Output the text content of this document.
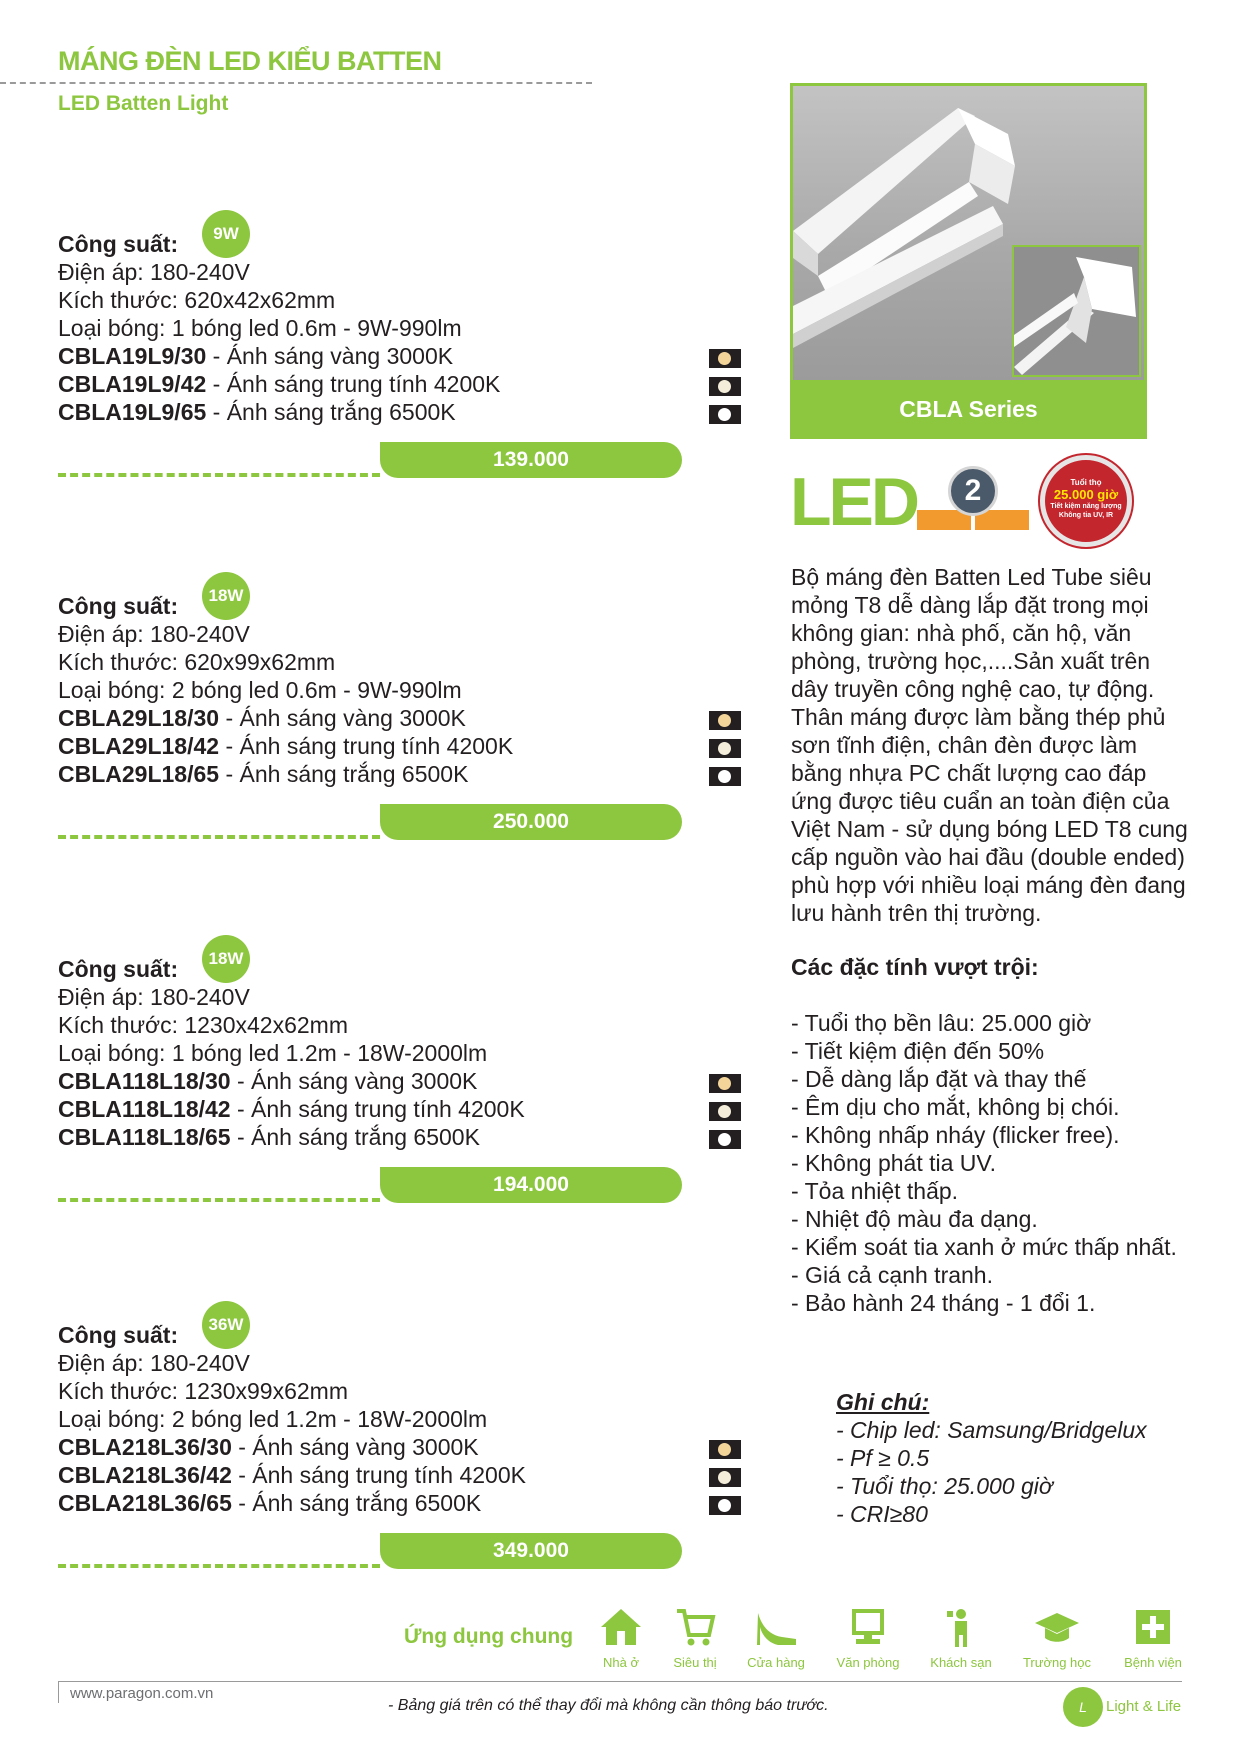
MÁNG ĐÈN LED KIỂU BATTEN
LED Batten Light
Công suất:	9W
Điện áp: 180-240V
Kích thước: 620x42x62mm
Loại bóng: 1 bóng led 0.6m - 9W-990lm
CBLA19L9/30 - Ánh sáng vàng 3000K
CBLA19L9/42 - Ánh sáng trung tính 4200K
CBLA19L9/65 - Ánh sáng trắng 6500K
139.000
Công suất:	18W
Điện áp: 180-240V
Kích thước: 620x99x62mm
Loại bóng: 2 bóng led 0.6m - 9W-990lm
CBLA29L18/30 - Ánh sáng vàng 3000K
CBLA29L18/42 - Ánh sáng trung tính 4200K
CBLA29L18/65 - Ánh sáng trắng 6500K
250.000
Công suất:	18W
Điện áp: 180-240V
Kích thước: 1230x42x62mm
Loại bóng: 1 bóng led 1.2m - 18W-2000lm
CBLA118L18/30 - Ánh sáng vàng 3000K
CBLA118L18/42 - Ánh sáng trung tính 4200K
CBLA118L18/65 - Ánh sáng trắng 6500K
194.000
Công suất:	36W
Điện áp: 180-240V
Kích thước: 1230x99x62mm
Loại bóng: 2 bóng led 1.2m - 18W-2000lm
CBLA218L36/30 - Ánh sáng vàng 3000K
CBLA218L36/42 - Ánh sáng trung tính 4200K
CBLA218L36/65 - Ánh sáng trắng 6500K
349.000
CBLA Series
LED	2	Tuổi thọ
25.000 giờ
Tiết kiệm năng lượng
Không tia UV, IR

Bộ máng đèn Batten Led Tube siêu

mỏng T8 dễ dàng lắp đặt trong mọi

không gian: nhà phố, căn hộ, văn

phòng, trường học,....Sản xuất trên

dây truyền công nghệ cao, tự động.

Thân máng được làm bằng thép phủ

sơn tĩnh điện, chân đèn được làm

bằng nhựa PC chất lượng cao đáp

ứng được tiêu cuẩn an toàn điện của

Việt Nam - sử dụng bóng LED T8 cung

cấp nguồn vào hai đầu (double ended)

phù hợp với nhiều loại máng đèn đang

lưu hành trên thị trường.

Các đặc tính vượt trội:
- Tuổi thọ bền lâu: 25.000 giờ
- Tiết kiệm điện đến 50%
- Dễ dàng lắp đặt và thay thế
- Êm dịu cho mắt, không bị chói.
- Không nhấp nháy (flicker free).
- Không phát tia UV.
- Tỏa nhiệt thấp.
- Nhiệt độ màu đa dạng.
- Kiểm soát tia xanh ở mức thấp nhất.
- Giá cả cạnh tranh.
- Bảo hành 24 tháng - 1 đổi 1.
Ghi chú:
- Chip led: Samsung/Bridgelux
- Pf ≥ 0.5
- Tuổi thọ: 25.000 giờ
- CRI≥80
Ứng dụng chung
Nhà ở	Siêu thị	Cửa hàng	Văn phòng	Khách sạn	Trường học	Bệnh viện
www.paragon.com.vn
- Bảng giá trên có thể thay đổi mà không cần thông báo trước.	L	Light & Life
